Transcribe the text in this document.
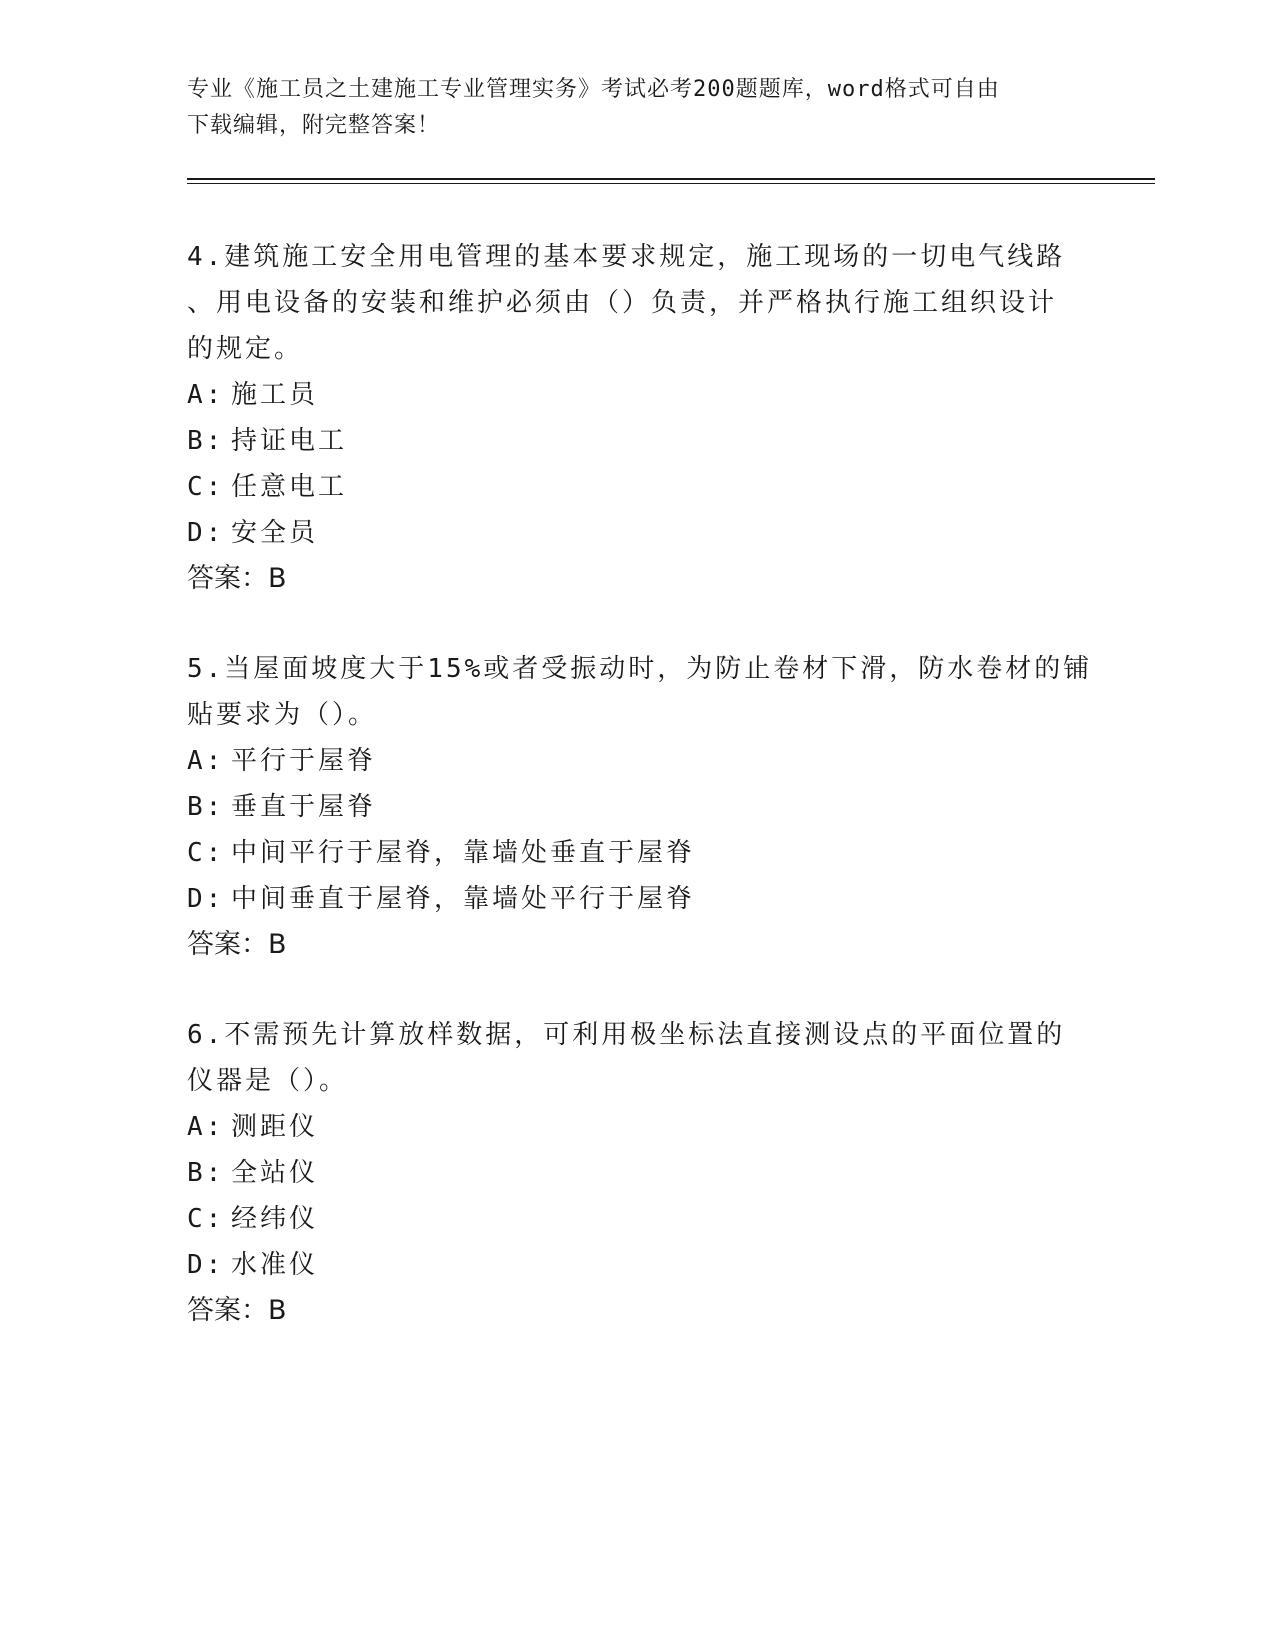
专业《施工员之土建施工专业管理实务》考试必考200题题库，word格式可自由
下载编辑，附完整答案！
4.建筑施工安全用电管理的基本要求规定，施工现场的一切电气线路
、用电设备的安装和维护必须由（）负责，并严格执行施工组织设计
的规定。
A: 施工员
B: 持证电工
C: 任意电工
D: 安全员
答案：B
5.当屋面坡度大于15%或者受振动时，为防止卷材下滑，防水卷材的铺
贴要求为（）。
A: 平行于屋脊
B: 垂直于屋脊
C: 中间平行于屋脊，靠墙处垂直于屋脊
D: 中间垂直于屋脊，靠墙处平行于屋脊
答案：B
6.不需预先计算放样数据，可利用极坐标法直接测设点的平面位置的
仪器是（）。
A: 测距仪
B: 全站仪
C: 经纬仪
D: 水准仪
答案：B
